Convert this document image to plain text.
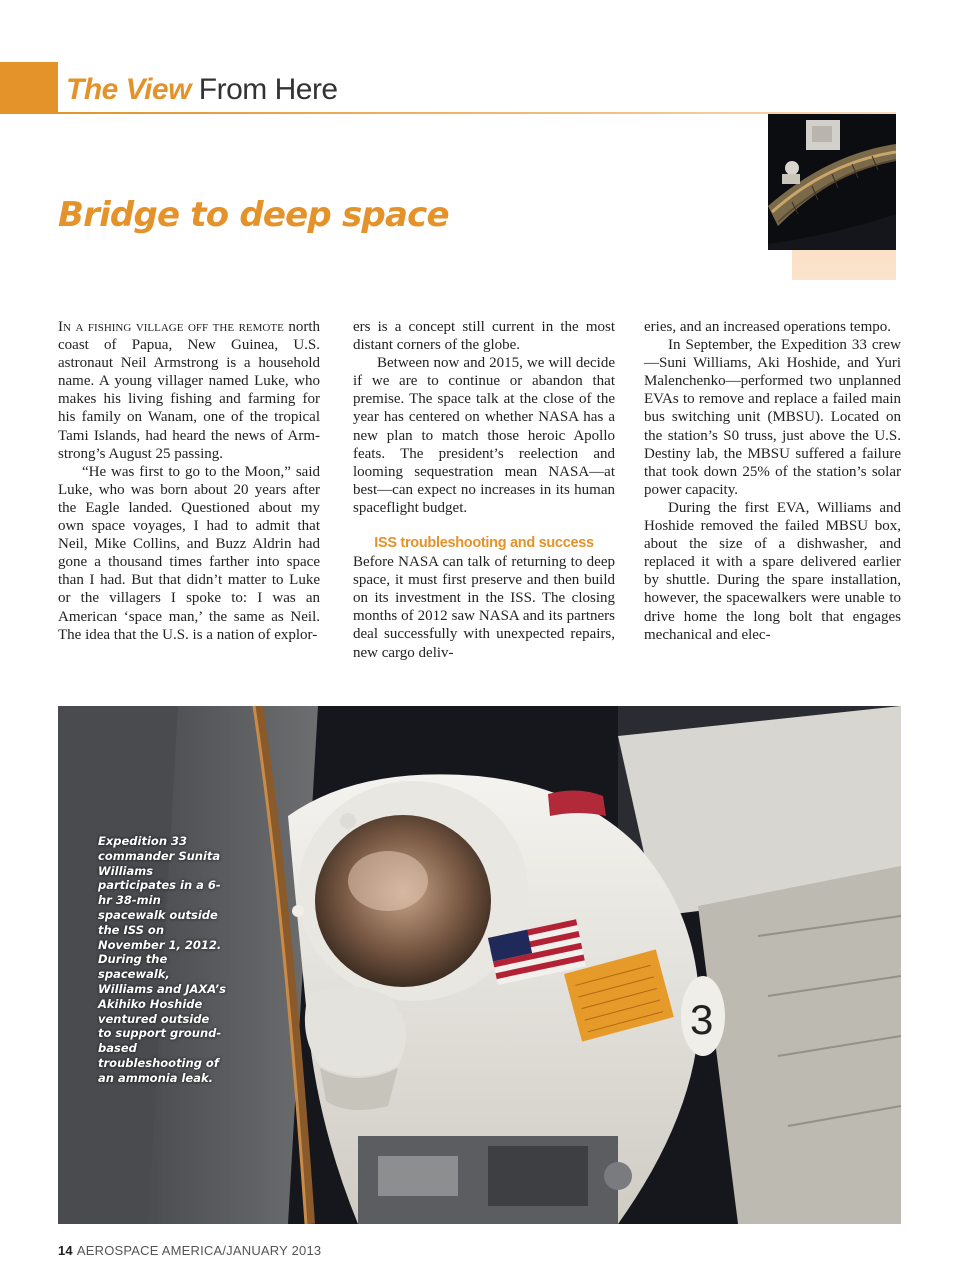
The View From Here
Bridge to deep space

In a fishing village off the remote north coast of Papua, New Guinea, U.S. astronaut Neil Armstrong is a household name. A young villager named Luke, who makes his living fishing and farming for his family on Wanam, one of the tropical Tami Islands, had heard the news of Armstrong’s August 25 passing.

“He was first to go to the Moon,” said Luke, who was born about 20 years after the Eagle landed. Questioned about my own space voyages, I had to admit that Neil, Mike Collins, and Buzz Aldrin had gone a thousand times farther into space than I had. But that didn’t matter to Luke or the villagers I spoke to: I was an American ‘space man,’ the same as Neil. The idea that the U.S. is a nation of explor-

ers is a concept still current in the most distant corners of the globe.

Between now and 2015, we will decide if we are to continue or abandon that premise. The space talk at the close of the year has centered on whether NASA has a new plan to match those heroic Apollo feats. The president’s reelection and looming sequestration mean NASA—at best—can expect no increases in its human spaceflight budget.

ISS troubleshooting and success

Before NASA can talk of returning to deep space, it must first preserve and then build on its investment in the ISS. The closing months of 2012 saw NASA and its partners deal successfully with unexpected repairs, new cargo deliv-

eries, and an increased operations tempo.

In September, the Expedition 33 crew—Suni Williams, Aki Hoshide, and Yuri Malenchenko—performed two unplanned EVAs to remove and replace a failed main bus switching unit (MBSU). Located on the station’s S0 truss, just above the U.S. Destiny lab, the MBSU suffered a failure that took down 25% of the station’s solar power capacity.

During the first EVA, Williams and Hoshide removed the failed MBSU box, about the size of a dishwasher, and replaced it with a spare delivered earlier by shuttle. During the spare installation, however, the spacewalkers were unable to drive home the long bolt that engages mechanical and elec-

3
Expedition 33 commander Sunita Williams participates in a 6-hr 38-min spacewalk outside the ISS on November 1, 2012. During the spacewalk, Williams and JAXA’s Akihiko Hoshide ventured outside to support ground-based troubleshooting of an ammonia leak.
14 AEROSPACE AMERICA/JANUARY 2013
